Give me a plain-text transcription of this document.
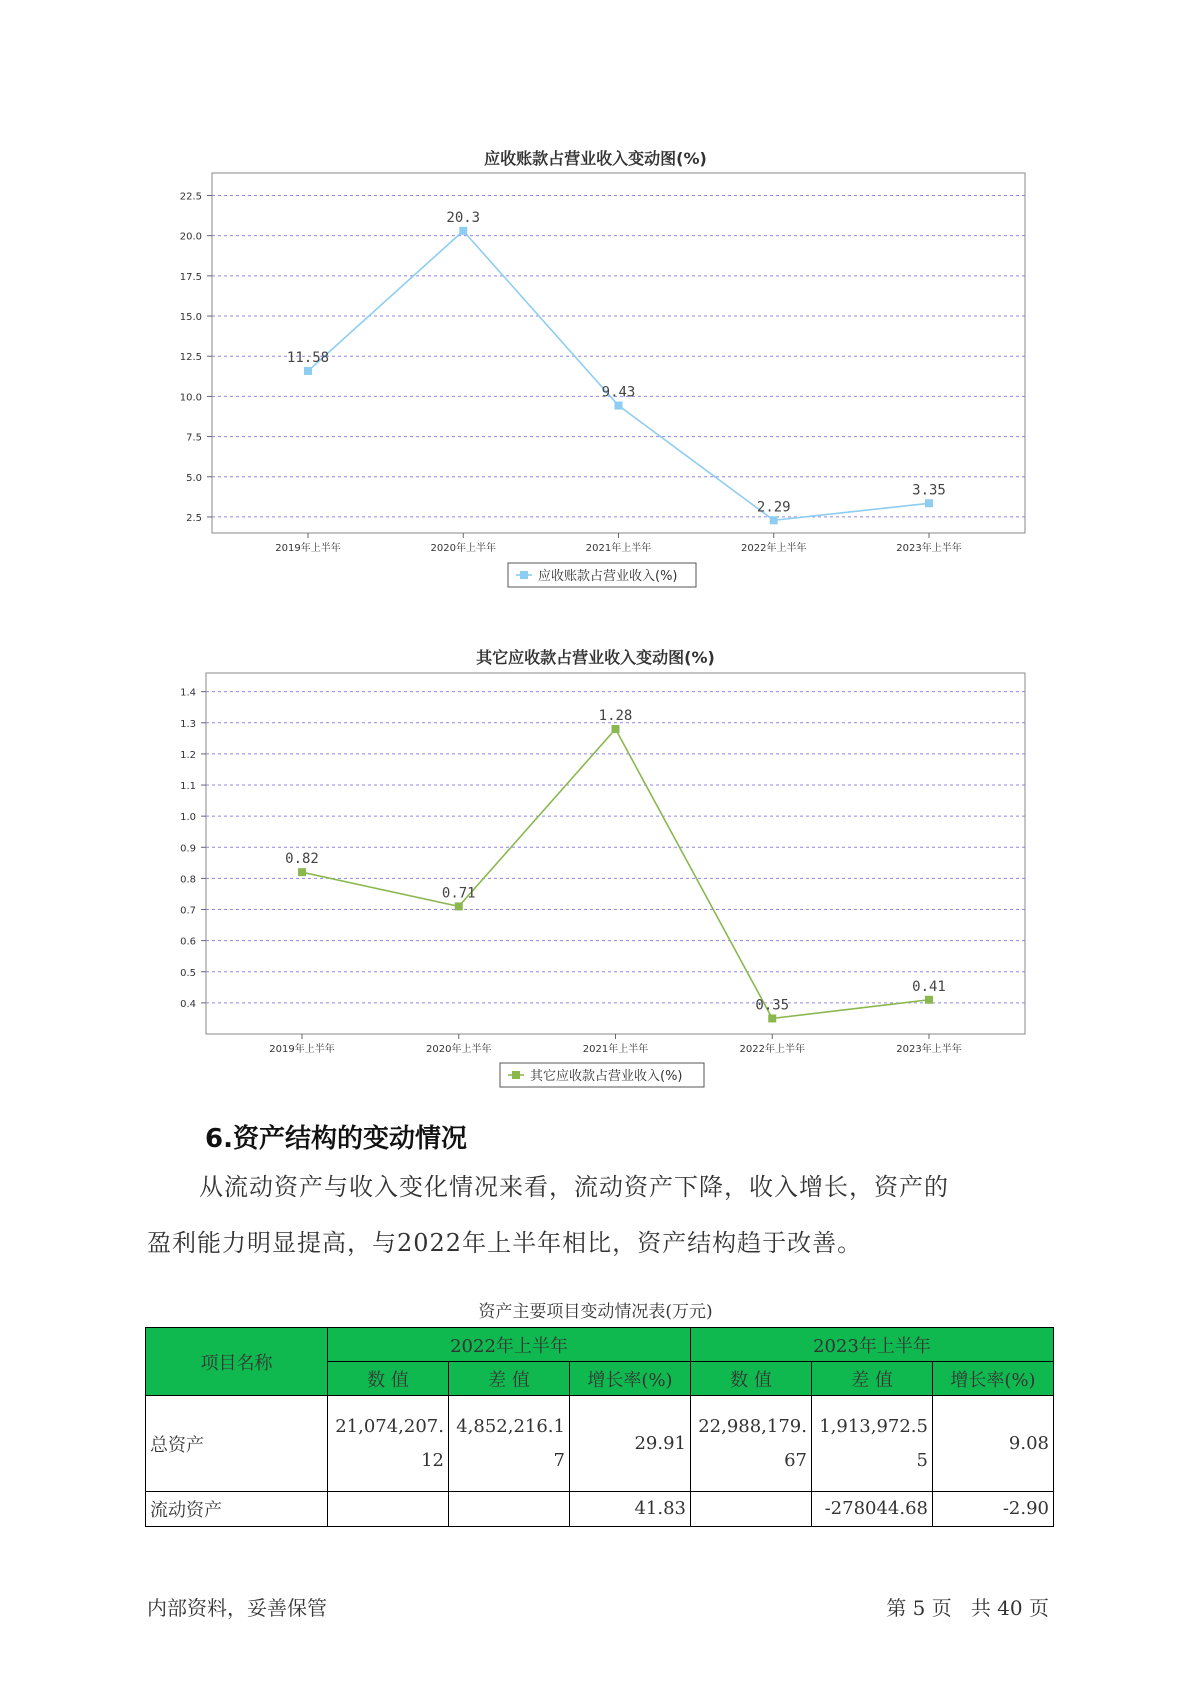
应收账款占营业收入变动图(%)
2.5
5.0
7.5
10.0
12.5
15.0
17.5
20.0
22.5
2019年上半年	2020年上半年	2021年上半年	2022年上半年	2023年上半年
11.58
20.3
9.43
2.29
3.35
应收账款占营业收入(%)
其它应收款占营业收入变动图(%)
0.4
0.5
0.6
0.7
0.8
0.9
1.0
1.1
1.2
1.3
1.4
2019年上半年	2020年上半年	2021年上半年	2022年上半年	2023年上半年
0.82
0.71
1.28
0.35
0.41
其它应收款占营业收入(%)
6.资产结构的变动情况
从流动资产与收入变化情况来看，流动资产下降，收入增长，资产的
盈利能力明显提高，与2022年上半年相比，资产结构趋于改善。
资产主要项目变动情况表(万元)
项目名称	2022年上半年			2023年上半年		
	数 值	差 值	增长率(%)	数 值	差 值	增长率(%)
总资产	21,074,207.12	4,852,216.17	29.91	22,988,179.67	1,913,972.55	9.08
流动资产			41.83		-278044.68	-2.90
内部资料，妥善保管	第 5 页   共 40 页
